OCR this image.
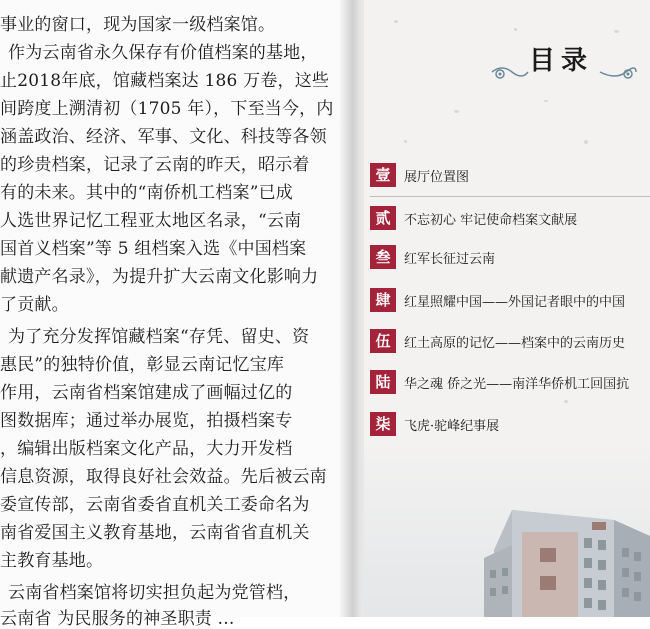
事业的窗口，现为国家一级档案馆。
作为云南省永久保存有价值档案的基地，
止2018年底，馆藏档案达 186 万卷，这些
间跨度上溯清初（1705 年），下至当今，内
涵盖政治、经济、军事、文化、科技等各领
的珍贵档案，记录了云南的昨天，昭示着
有的未来。其中的“南侨机工档案”已成
人选世界记忆工程亚太地区名录，“云南
国首义档案”等 5 组档案入选《中国档案
献遗产名录》，为提升扩大云南文化影响力
了贡献。
为了充分发挥馆藏档案“存凭、留史、资
惠民”的独特价值，彰显云南记忆宝库
作用，云南省档案馆建成了画幅过亿的
图数据库；通过举办展览，拍摄档案专
，编辑出版档案文化产品，大力开发档
信息资源，取得良好社会效益。先后被云南
委宣传部，云南省委省直机关工委命名为
南省爱国主义教育基地，云南省省直机关
主教育基地。
云南省档案馆将切实担负起为党管档，
云南省 为民服务的神圣职责 ...
目录
壹	展厅位置图
贰	不忘初心 牢记使命档案文献展
叁	红军长征过云南
肆	红星照耀中国——外国记者眼中的中国
伍	红土高原的记忆——档案中的云南历史
陆	华之魂 侨之光——南洋华侨机工回国抗
柒	飞虎·驼峰纪事展
